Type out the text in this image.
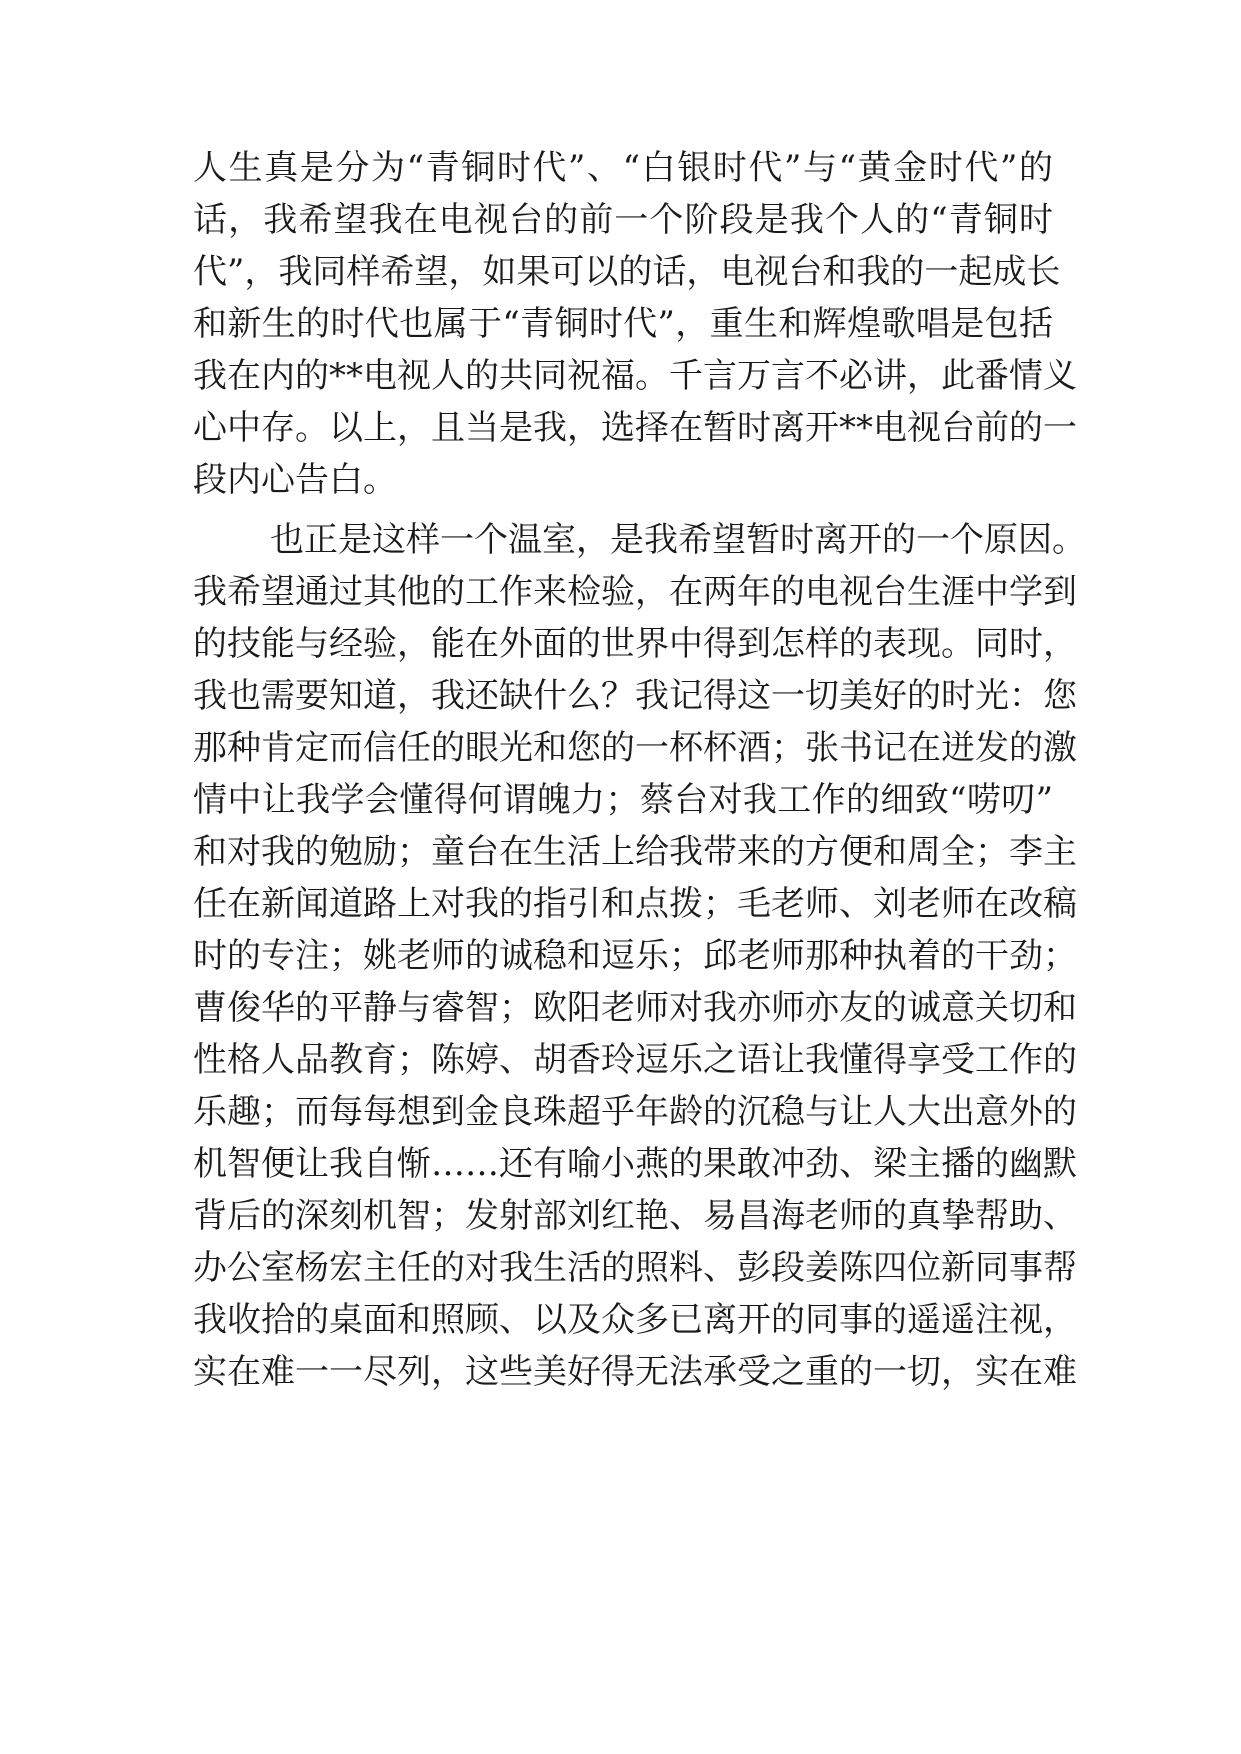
人生真是分为“青铜时代”、“白银时代”与“黄金时代”的
话，我希望我在电视台的前一个阶段是我个人的“青铜时
代”，我同样希望，如果可以的话，电视台和我的一起成长
和新生的时代也属于“青铜时代”，重生和辉煌歌唱是包括
我在内的**电视人的共同祝福。千言万言不必讲，此番情义
心中存。以上，且当是我，选择在暂时离开**电视台前的一
段内心告白。
也正是这样一个温室，是我希望暂时离开的一个原因。
我希望通过其他的工作来检验，在两年的电视台生涯中学到
的技能与经验，能在外面的世界中得到怎样的表现。同时，
我也需要知道，我还缺什么？我记得这一切美好的时光：您
那种肯定而信任的眼光和您的一杯杯酒；张书记在迸发的激
情中让我学会懂得何谓魄力；蔡台对我工作的细致“唠叨”
和对我的勉励；童台在生活上给我带来的方便和周全；李主
任在新闻道路上对我的指引和点拨；毛老师、刘老师在改稿
时的专注；姚老师的诚稳和逗乐；邱老师那种执着的干劲；
曹俊华的平静与睿智；欧阳老师对我亦师亦友的诚意关切和
性格人品教育；陈婷、胡香玲逗乐之语让我懂得享受工作的
乐趣；而每每想到金良珠超乎年龄的沉稳与让人大出意外的
机智便让我自惭……还有喻小燕的果敢冲劲、梁主播的幽默
背后的深刻机智；发射部刘红艳、易昌海老师的真挚帮助、
办公室杨宏主任的对我生活的照料、彭段姜陈四位新同事帮
我收拾的桌面和照顾、以及众多已离开的同事的遥遥注视，
实在难一一尽列，这些美好得无法承受之重的一切，实在难
